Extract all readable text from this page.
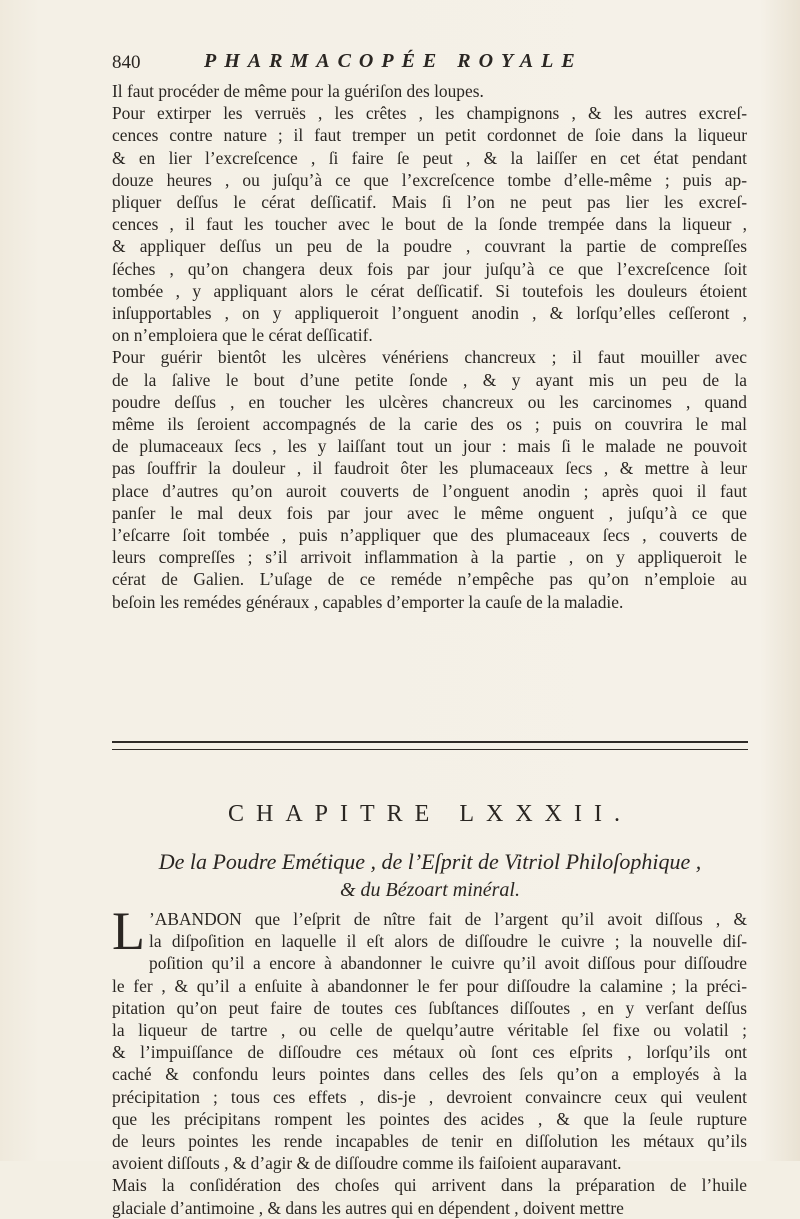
840	PHARMACOPÉE ROYALE
Il faut procéder de même pour la guériſon des loupes.
Pour extirper les verruës , les crêtes , les champignons , & les autres excreſ-
cences contre nature ; il faut tremper un petit cordonnet de ſoie dans la liqueur
& en lier l’excreſcence , ſi faire ſe peut , & la laiſſer en cet état pendant
douze heures , ou juſqu’à ce que l’excreſcence tombe d’elle-même ; puis ap-
pliquer deſſus le cérat deſſicatif. Mais ſi l’on ne peut pas lier les excreſ-
cences , il faut les toucher avec le bout de la ſonde trempée dans la liqueur ,
& appliquer deſſus un peu de la poudre , couvrant la partie de compreſſes
ſéches , qu’on changera deux fois par jour juſqu’à ce que l’excreſcence ſoit
tombée , y appliquant alors le cérat deſſicatif. Si toutefois les douleurs étoient
inſupportables , on y appliqueroit l’onguent anodin , & lorſqu’elles ceſſeront ,
on n’emploiera que le cérat deſſicatif.
Pour guérir bientôt les ulcères vénériens chancreux ; il faut mouiller avec
de la ſalive le bout d’une petite ſonde , & y ayant mis un peu de la
poudre deſſus , en toucher les ulcères chancreux ou les carcinomes , quand
même ils ſeroient accompagnés de la carie des os ; puis on couvrira le mal
de plumaceaux ſecs , les y laiſſant tout un jour : mais ſi le malade ne pouvoit
pas ſouffrir la douleur , il faudroit ôter les plumaceaux ſecs , & mettre à leur
place d’autres qu’on auroit couverts de l’onguent anodin ; après quoi il faut
panſer le mal deux fois par jour avec le même onguent , juſqu’à ce que
l’eſcarre ſoit tombée , puis n’appliquer que des plumaceaux ſecs , couverts de
leurs compreſſes ; s’il arrivoit inflammation à la partie , on y appliqueroit le
cérat de Galien. L’uſage de ce reméde n’empêche pas qu’on n’emploie au
beſoin les remédes généraux , capables d’emporter la cauſe de la maladie.
CHAPITRE LXXXII.
De la Poudre Emétique , de l’Eſprit de Vitriol Philoſophique ,
& du Bézoart minéral.
L ’ABANDON que l’eſprit de nître fait de l’argent qu’il avoit diſſous , &
la diſpoſition en laquelle il eſt alors de diſſoudre le cuivre ; la nouvelle diſ-
poſition qu’il a encore à abandonner le cuivre qu’il avoit diſſous pour diſſoudre
le fer , & qu’il a enſuite à abandonner le fer pour diſſoudre la calamine ; la préci-
pitation qu’on peut faire de toutes ces ſubſtances diſſoutes , en y verſant deſſus
la liqueur de tartre , ou celle de quelqu’autre véritable ſel fixe ou volatil ;
& l’impuiſſance de diſſoudre ces métaux où ſont ces eſprits , lorſqu’ils ont
caché & confondu leurs pointes dans celles des ſels qu’on a employés à la
précipitation ; tous ces effets , dis-je , devroient convaincre ceux qui veulent
que les précipitans rompent les pointes des acides , & que la ſeule rupture
de leurs pointes les rende incapables de tenir en diſſolution les métaux qu’ils
avoient diſſouts , & d’agir & de diſſoudre comme ils faiſoient auparavant.
Mais la conſidération des choſes qui arrivent dans la préparation de l’huile
glaciale d’antimoine , & dans les autres qui en dépendent , doivent mettre
